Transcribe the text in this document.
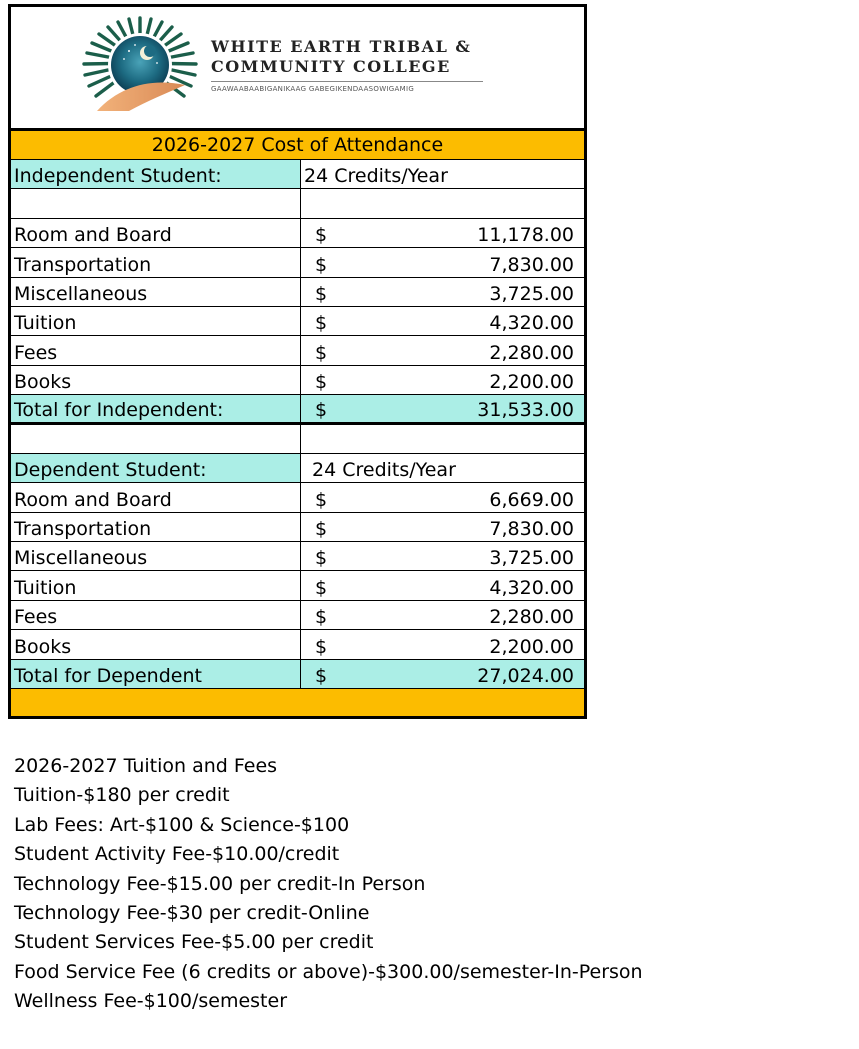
WHITE EARTH TRIBAL &
COMMUNITY COLLEGE
GAAWAABAABIGANIKAAG GABEGIKENDAASOWIGAMIG
2026-2027 Cost of Attendance
Independent Student:	24 Credits/Year
Room and Board	$	11,178.00
Transportation	$	7,830.00
Miscellaneous	$	3,725.00
Tuition	$	4,320.00
Fees	$	2,280.00
Books	$	2,200.00
Total for Independent:	$	31,533.00
Dependent Student:	24 Credits/Year
Room and Board	$	6,669.00
Transportation	$	7,830.00
Miscellaneous	$	3,725.00
Tuition	$	4,320.00
Fees	$	2,280.00
Books	$	2,200.00
Total for Dependent	$	27,024.00
2026-2027 Tuition and Fees
Tuition-$180 per credit
Lab Fees: Art-$100 & Science-$100
Student Activity Fee-$10.00/credit
Technology Fee-$15.00 per credit-In Person
Technology Fee-$30 per credit-Online
Student Services Fee-$5.00 per credit
Food Service Fee (6 credits or above)-$300.00/semester-In-Person
Wellness Fee-$100/semester
